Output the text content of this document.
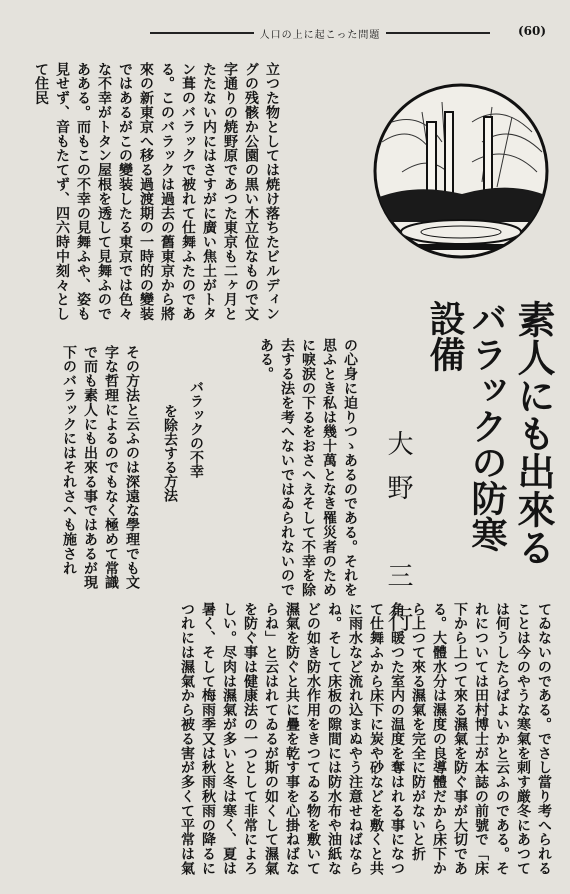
人口の上に起こった問題	(60)
素人にも出來る
バラックの防寒
設備
大野　三行

立つた物としては焼け落ちたビルディングの残骸か公園の黒い木立位なもので文字通りの焼野原であつた東京も二ヶ月とたたない内にはさすがに廣い焦土がトタン葺のバラックで被れて仕舞ふたのである。このバラックは過去の舊東京から將來の新東京へ移る過渡期の一時的の變装ではあるがこの變装したる東京では色々な不幸がトタン屋根を透して見舞ふのであある。而もこの不幸の見舞ふや、姿も見せず、音もたてず、四六時中刻々として住民

の心身に迫りつゝあるのである。それを思ふとき私は幾十萬となき罹災者のために唳涙の下るをおさへえそして不幸を除去する法を考へないではゐられないのである。

バラックの不幸
を除去する方法

その方法と云ふのは深遠な學理でも文字な哲理によるのでもなく極めて常識で而も素人にも出來る事ではあるが現下のバラックにはそれさへも施され

てゐないのである。でさし當り考へられることは今のやうな寒氣を刺す厳冬にあつては何うしたらばよいかと云ふのである。それについては田村博士が本誌の前號で「床下から上つて來る濕氣を防ぐ事が大切である。大體水分は濕度の良導體だから床下から上つて來る濕氣を完全に防がないと折角、暖つた室内の温度を奪はれる事になつて仕舞ふから床下に炭や砂などを敷くと共に雨水など流れ込まぬやう注意せねばならね。そして床板の隙間には防水布や油紙などの如き防水作用をきつてゐる物を敷いて濕氣を防ぐと共に疊を乾す事を心掛ねばならね」と云はれてゐるが斯の如くして濕氣を防ぐ事は健康法の一つとして非常によろしい。尽肉は濕氣が多いと冬は寒く、夏は暑く、そして梅雨季又は秋雨秋雨の降るにつれには濕氣から被る害が多くて平常は氣
